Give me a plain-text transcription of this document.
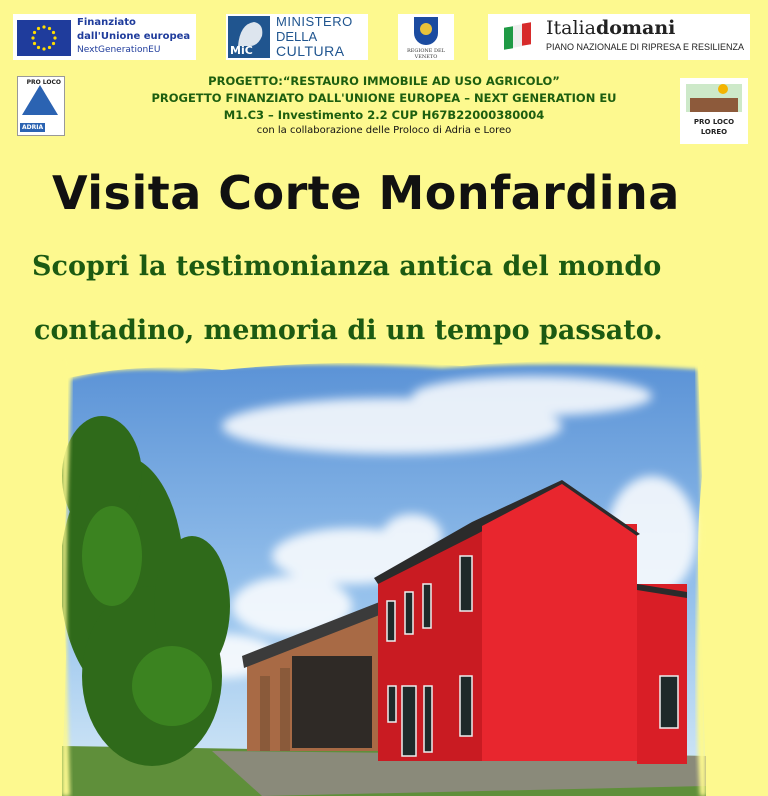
Finanziato
dall'Unione europea
NextGenerationEU	MiC
MINISTERO
DELLA
CULTURA	REGIONE DEL VENETO
Italiadomani
PIANO NAZIONALE DI RIPRESA E RESILIENZA
PRO LOCO
ADRIA
PRO LOCO
LOREO
PROGETTO:“RESTAURO IMMOBILE AD USO AGRICOLO”
PROGETTO FINANZIATO DALL'UNIONE EUROPEA – NEXT GENERATION EU
M1.C3 – Investimento 2.2 CUP H67B22000380004
con la collaborazione delle Proloco di Adria e Loreo
Visita Corte Monfardina
Scopri la testimonianza antica del mondo
contadino, memoria di un tempo passato.
